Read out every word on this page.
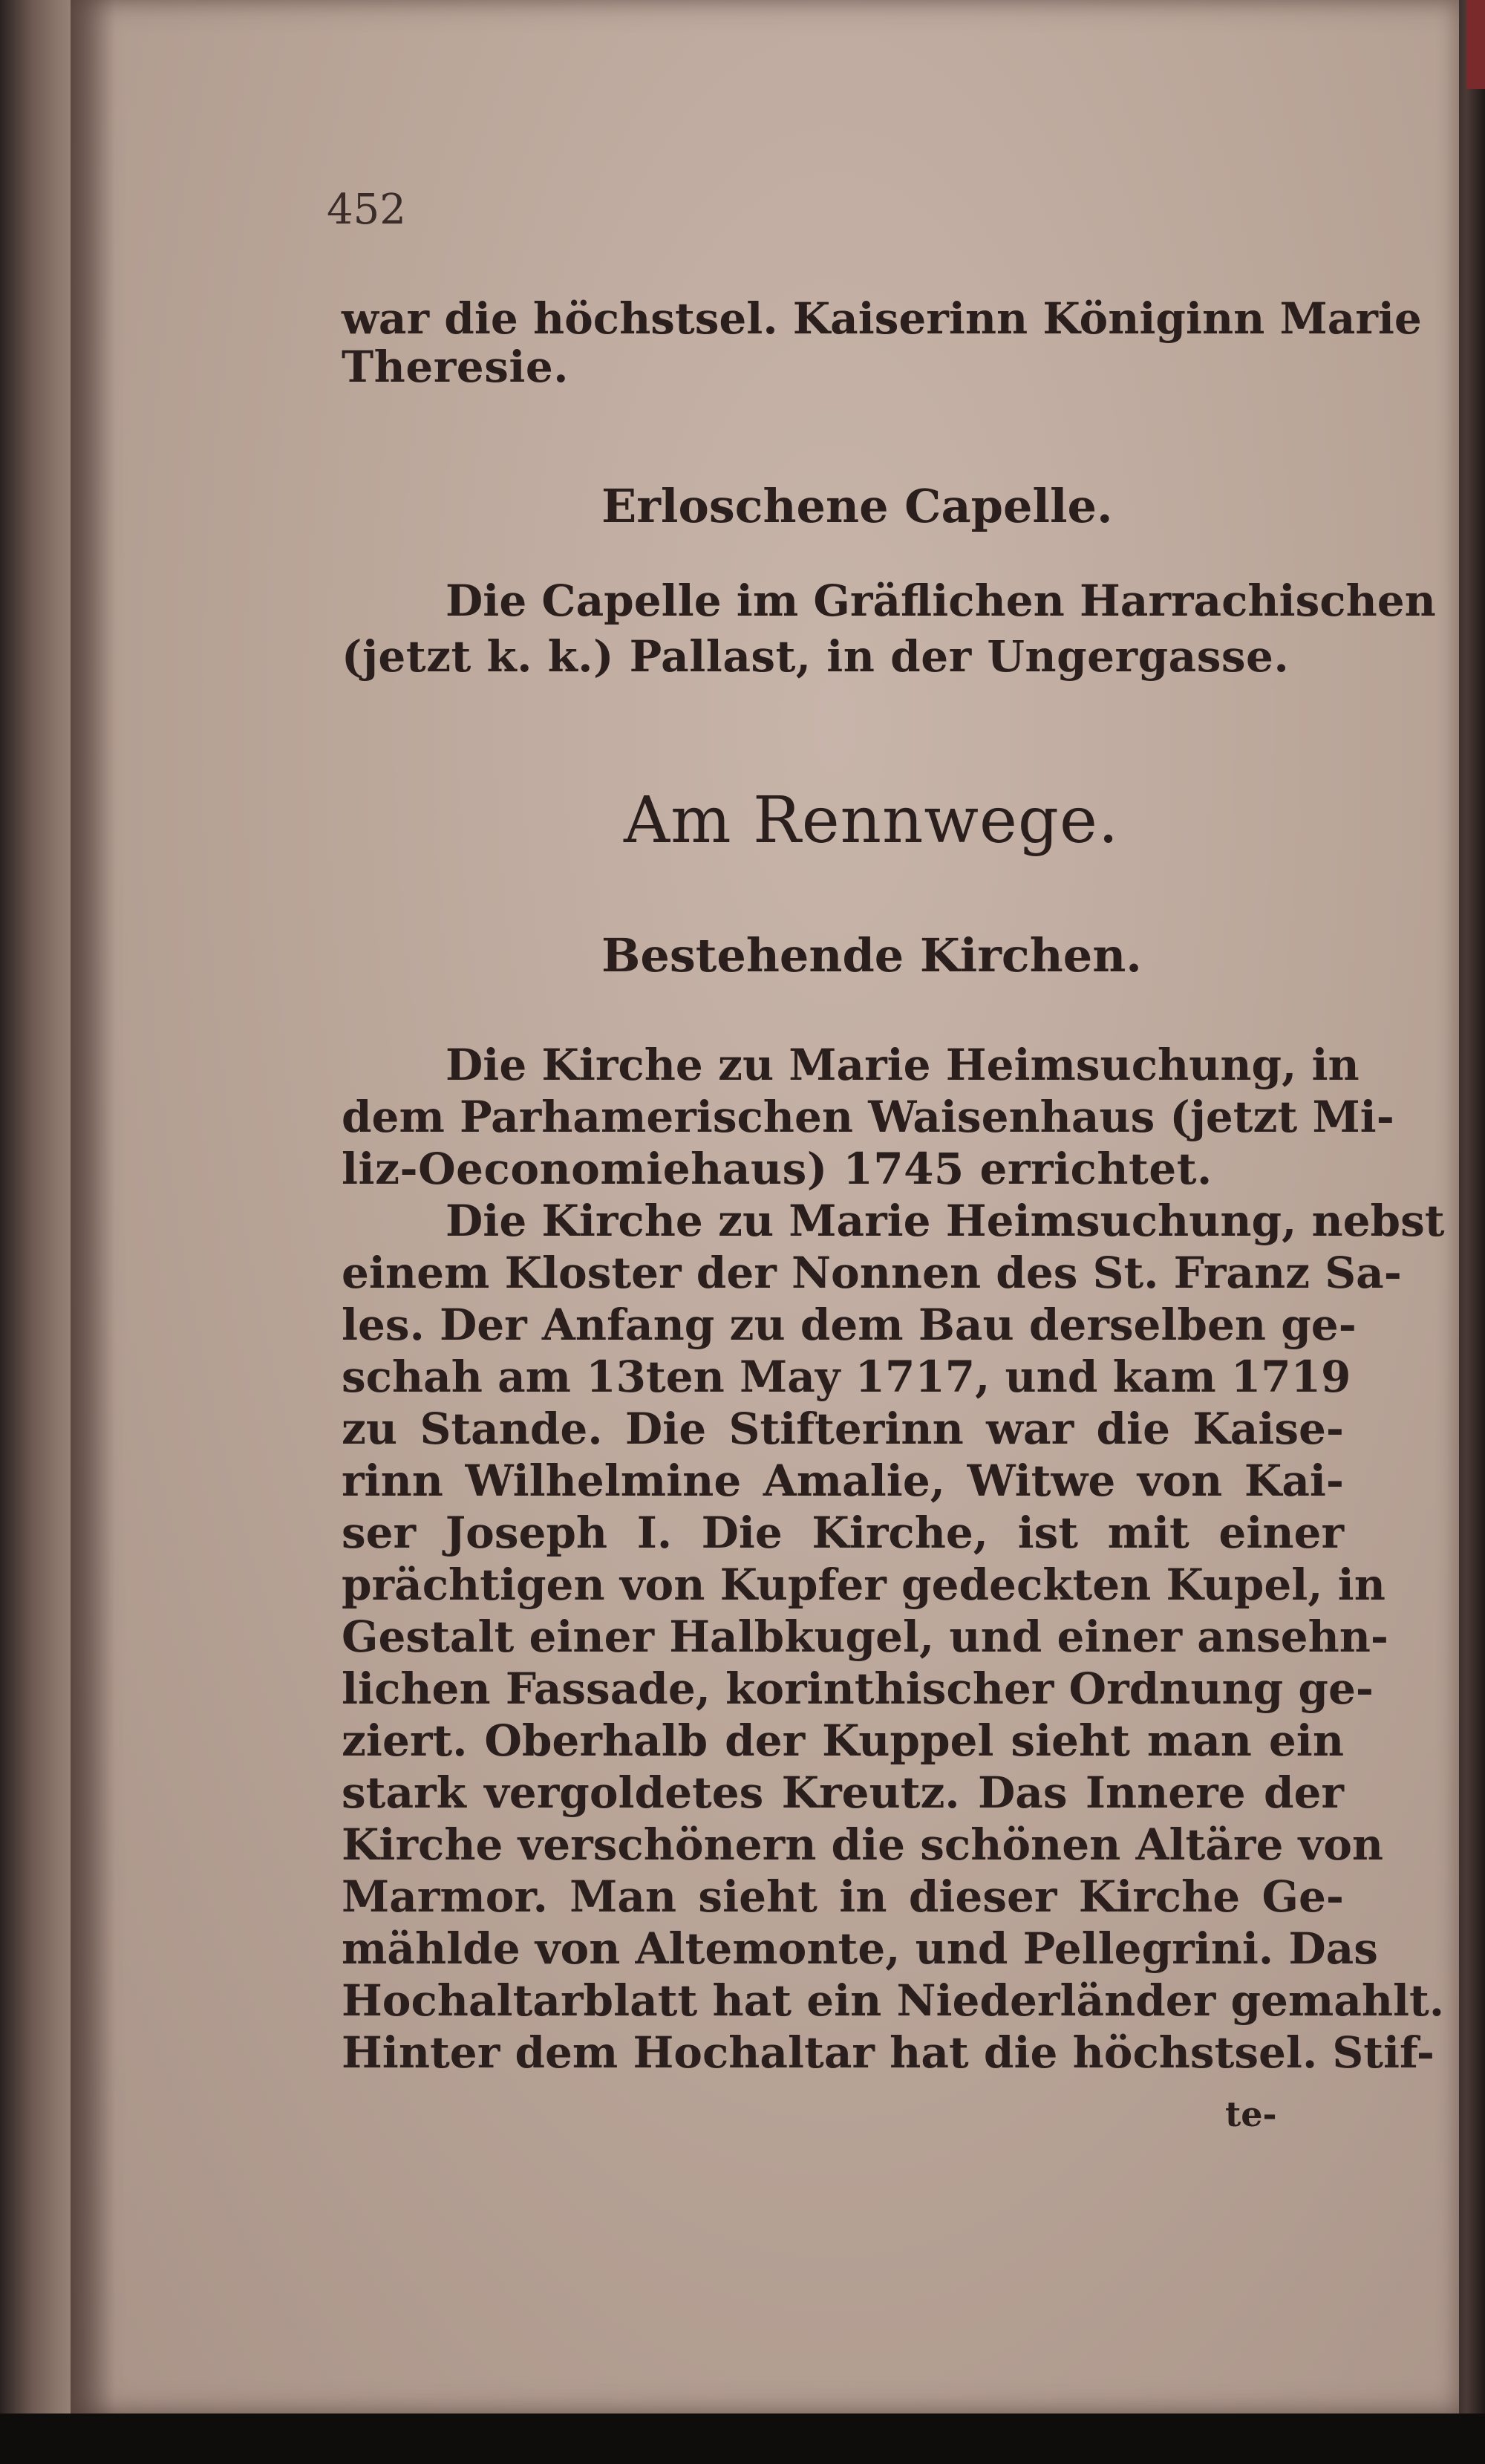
452
war die höchstsel. Kaiserinn Königinn Marie
Theresie.
Erloschene Capelle.
Die Capelle im Gräflichen Harrachischen
(jetzt k. k.) Pallast, in der Ungergasse.
Am Rennwege.
Bestehende Kirchen.
Die Kirche zu Marie Heimsuchung, in
dem Parhamerischen Waisenhaus (jetzt Mi-
liz-Oeconomiehaus) 1745 errichtet.
Die Kirche zu Marie Heimsuchung, nebst
einem Kloster der Nonnen des St. Franz Sa-
les. Der Anfang zu dem Bau derselben ge-
schah am 13ten May 1717, und kam 1719
zu Stande. Die Stifterinn war die Kaise-
rinn Wilhelmine Amalie, Witwe von Kai-
ser Joseph I. Die Kirche, ist mit einer
prächtigen von Kupfer gedeckten Kupel, in
Gestalt einer Halbkugel, und einer ansehn-
lichen Fassade, korinthischer Ordnung ge-
ziert. Oberhalb der Kuppel sieht man ein
stark vergoldetes Kreutz. Das Innere der
Kirche verschönern die schönen Altäre von
Marmor. Man sieht in dieser Kirche Ge-
mählde von Altemonte, und Pellegrini. Das
Hochaltarblatt hat ein Niederländer gemahlt.
Hinter dem Hochaltar hat die höchstsel. Stif-
te-
